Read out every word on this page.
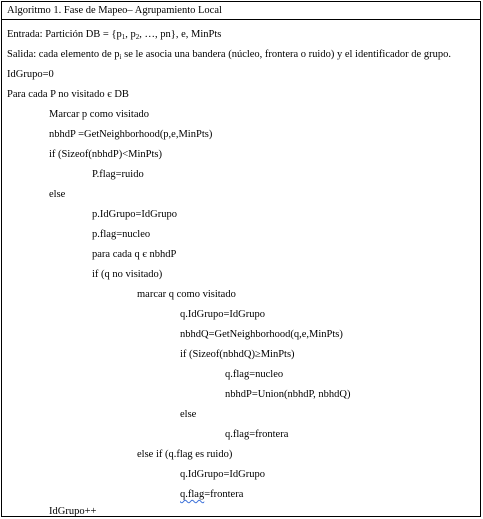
Algoritmo 1. Fase de Mapeo– Agrupamiento Local
Entrada: Partición DB = {$p_1$, $p_2$, …, pn}, e, MinPts
Salida: cada elemento de $p_i$ se le asocia una bandera (núcleo, frontera o ruido) y el identificador de grupo.
IdGrupo=0
Para cada P no visitado є DB
Marcar p como visitado
nbhdP =GetNeighborhood(p,e,MinPts)
if (Sizeof(nbhdP)<MinPts)
P.flag=ruido
else
p.IdGrupo=IdGrupo
p.flag=nucleo
para cada q є nbhdP
if (q no visitado)
marcar q como visitado
q.IdGrupo=IdGrupo
nbhdQ=GetNeighborhood(q,e,MinPts)
if (Sizeof(nbhdQ)≥MinPts)
q.flag=nucleo
nbhdP=Union(nbhdP, nbhdQ)
else
q.flag=frontera
else if (q.flag es ruido)
q.IdGrupo=IdGrupo
q.flag=frontera
IdGrupo++
